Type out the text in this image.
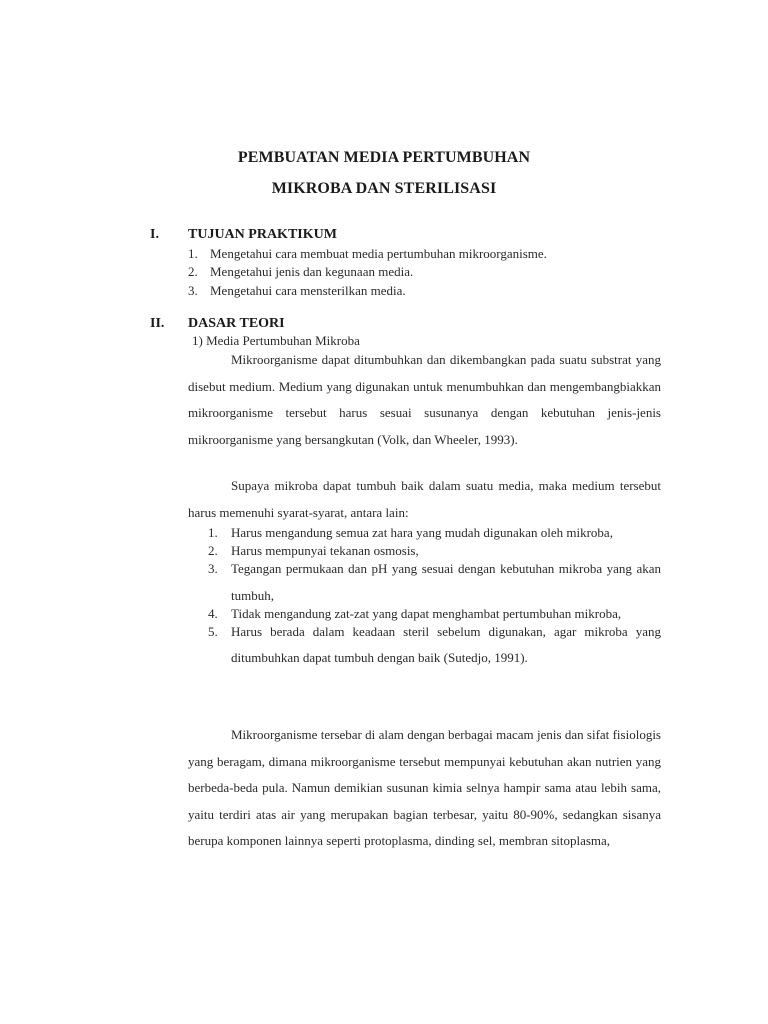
PEMBUATAN MEDIA PERTUMBUHAN
MIKROBA DAN STERILISASI
I. TUJUAN PRAKTIKUM
1. Mengetahui cara membuat media pertumbuhan mikroorganisme.
2. Mengetahui jenis dan kegunaan media.
3. Mengetahui cara mensterilkan media.
II. DASAR TEORI
1) Media Pertumbuhan Mikroba

Mikroorganisme dapat ditumbuhkan dan dikembangkan pada suatu substrat yang disebut medium. Medium yang digunakan untuk menumbuhkan dan mengembangbiakkan mikroorganisme tersebut harus sesuai susunanya dengan kebutuhan jenis-jenis mikroorganisme yang bersangkutan (Volk, dan Wheeler, 1993).

Supaya mikroba dapat tumbuh baik dalam suatu media, maka medium tersebut harus memenuhi syarat-syarat, antara lain:

1. Harus mengandung semua zat hara yang mudah digunakan oleh mikroba,
2. Harus mempunyai tekanan osmosis,
3. Tegangan permukaan dan pH yang sesuai dengan kebutuhan mikroba yang akan tumbuh,
4. Tidak mengandung zat-zat yang dapat menghambat pertumbuhan mikroba,
5. Harus berada dalam keadaan steril sebelum digunakan, agar mikroba yang ditumbuhkan dapat tumbuh dengan baik (Sutedjo, 1991).

Mikroorganisme tersebar di alam dengan berbagai macam jenis dan sifat fisiologis yang beragam, dimana mikroorganisme tersebut mempunyai kebutuhan akan nutrien yang berbeda-beda pula. Namun demikian susunan kimia selnya hampir sama atau lebih sama, yaitu terdiri atas air yang merupakan bagian terbesar, yaitu 80-90%, sedangkan sisanya berupa komponen lainnya seperti protoplasma, dinding sel, membran sitoplasma,
